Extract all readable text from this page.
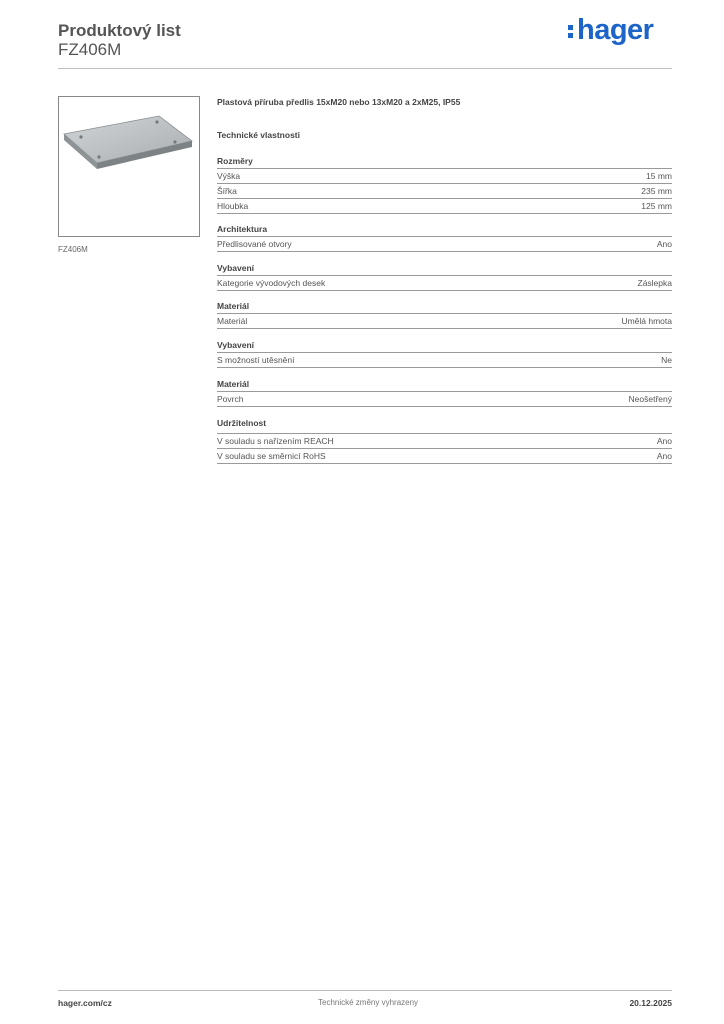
Produktový list
FZ406M
hager
FZ406M
Plastová příruba předlis 15xM20 nebo 13xM20 a 2xM25, IP55
Technické vlastnosti
Rozměry
Výška	15 mm
Šířka	235 mm
Hloubka	125 mm
Architektura
Předlisované otvory	Ano
Vybavení
Kategorie vývodových desek	Záslepka
Materiál
Materiál	Umělá hmota
Vybavení
S možností utěsnění	Ne
Materiál
Povrch	Neošetřený
Udržitelnost
V souladu s nařízením REACH	Ano
V souladu se směrnicí RoHS	Ano
hager.com/cz	Technické změny vyhrazeny	20.12.2025
